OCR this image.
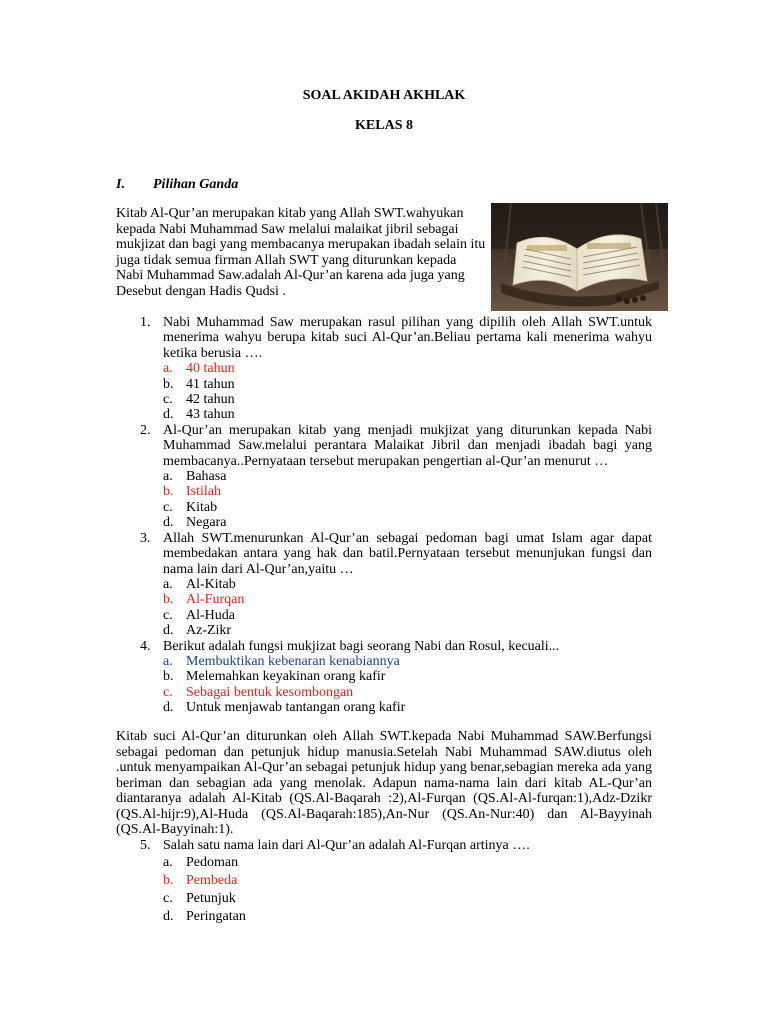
SOAL AKIDAH AKHLAK
KELAS 8
I. Pilihan Ganda
Kitab Al-Qur’an merupakan kitab yang Allah SWT.wahyukan kepada Nabi Muhammad Saw melalui malaikat jibril sebagai mukjizat dan bagi yang membacanya merupakan ibadah selain itu juga tidak semua firman Allah SWT yang diturunkan kepada Nabi Muhammad Saw.adalah Al-Qur’an karena ada juga yang Desebut dengan Hadis Qudsi .
1. Nabi Muhammad Saw merupakan rasul pilihan yang dipilih oleh Allah SWT.untuk menerima wahyu berupa kitab suci Al-Qur’an.Beliau pertama kali menerima wahyu ketika berusia ….
a. 40 tahun
b. 41 tahun
c. 42 tahun
d. 43 tahun
2. Al-Qur’an merupakan kitab yang menjadi mukjizat yang diturunkan kepada Nabi Muhammad Saw.melalui perantara Malaikat Jibril dan menjadi ibadah bagi yang membacanya..Pernyataan tersebut merupakan pengertian al-Qur’an menurut …
a. Bahasa
b. Istilah
c. Kitab
d. Negara
3. Allah SWT.menurunkan Al-Qur’an sebagai pedoman bagi umat Islam agar dapat membedakan antara yang hak dan batil.Pernyataan tersebut menunjukan fungsi dan nama lain dari Al-Qur’an,yaitu …
a. Al-Kitab
b. Al-Furqan
c. Al-Huda
d. Az-Zikr
4. Berikut adalah fungsi mukjizat bagi seorang Nabi dan Rosul, kecuali...
a. Membuktikan kebenaran kenabiannya
b. Melemahkan keyakinan orang kafir
c. Sebagai bentuk kesombongan
d. Untuk menjawab tantangan orang kafir
Kitab suci Al-Qur’an diturunkan oleh Allah SWT.kepada Nabi Muhammad SAW.Berfungsi sebagai pedoman dan petunjuk hidup manusia.Setelah Nabi Muhammad SAW.diutus oleh .untuk menyampaikan Al-Qur’an sebagai petunjuk hidup yang benar,sebagian mereka ada yang beriman dan sebagian ada yang menolak. Adapun nama-nama lain dari kitab AL-Qur’an diantaranya adalah Al-Kitab (QS.Al-Baqarah :2),Al-Furqan (QS.Al-Al-furqan:1),Adz-Dzikr (QS.Al-hijr:9),Al-Huda (QS.Al-Baqarah:185),An-Nur (QS.An-Nur:40) dan Al-Bayyinah (QS.Al-Bayyinah:1).
5. Salah satu nama lain dari Al-Qur’an adalah Al-Furqan artinya ….
a. Pedoman
b. Pembeda
c. Petunjuk
d. Peringatan
